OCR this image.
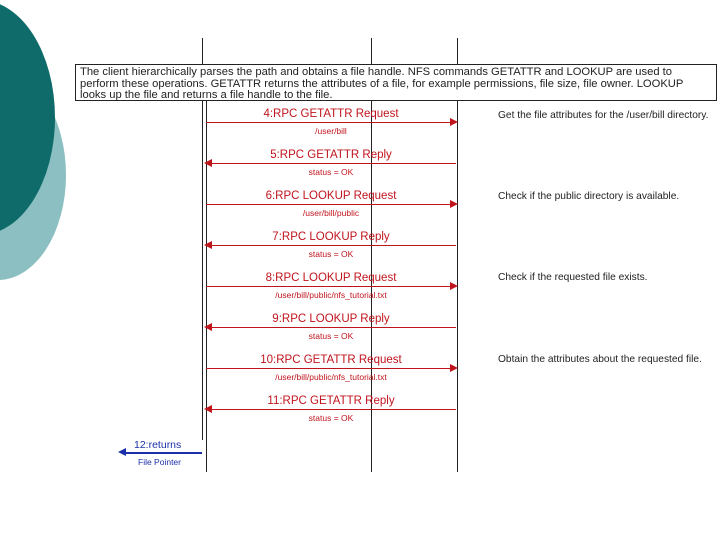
The client hierarchically parses the path and obtains a file handle. NFS commands GETATTR and LOOKUP are used to perform these operations. GETATTR returns the attributes of a file, for example permissions, file size, file owner. LOOKUP looks up the file and returns a file handle to the file.
4:RPC GETATTR Request
/user/bill
5:RPC GETATTR Reply
status = OK
6:RPC LOOKUP Request
/user/bill/public
7:RPC LOOKUP Reply
status = OK
8:RPC LOOKUP Request
/user/bill/public/nfs_tutorial.txt
9:RPC LOOKUP Reply
status = OK
10:RPC GETATTR Request
/user/bill/public/nfs_tutorial.txt
11:RPC GETATTR Reply
status = OK
Get the file attributes for the /user/bill directory.
Check if the public directory is available.
Check if the requested file exists.
Obtain the attributes about the requested file.
12:returns
File Pointer
